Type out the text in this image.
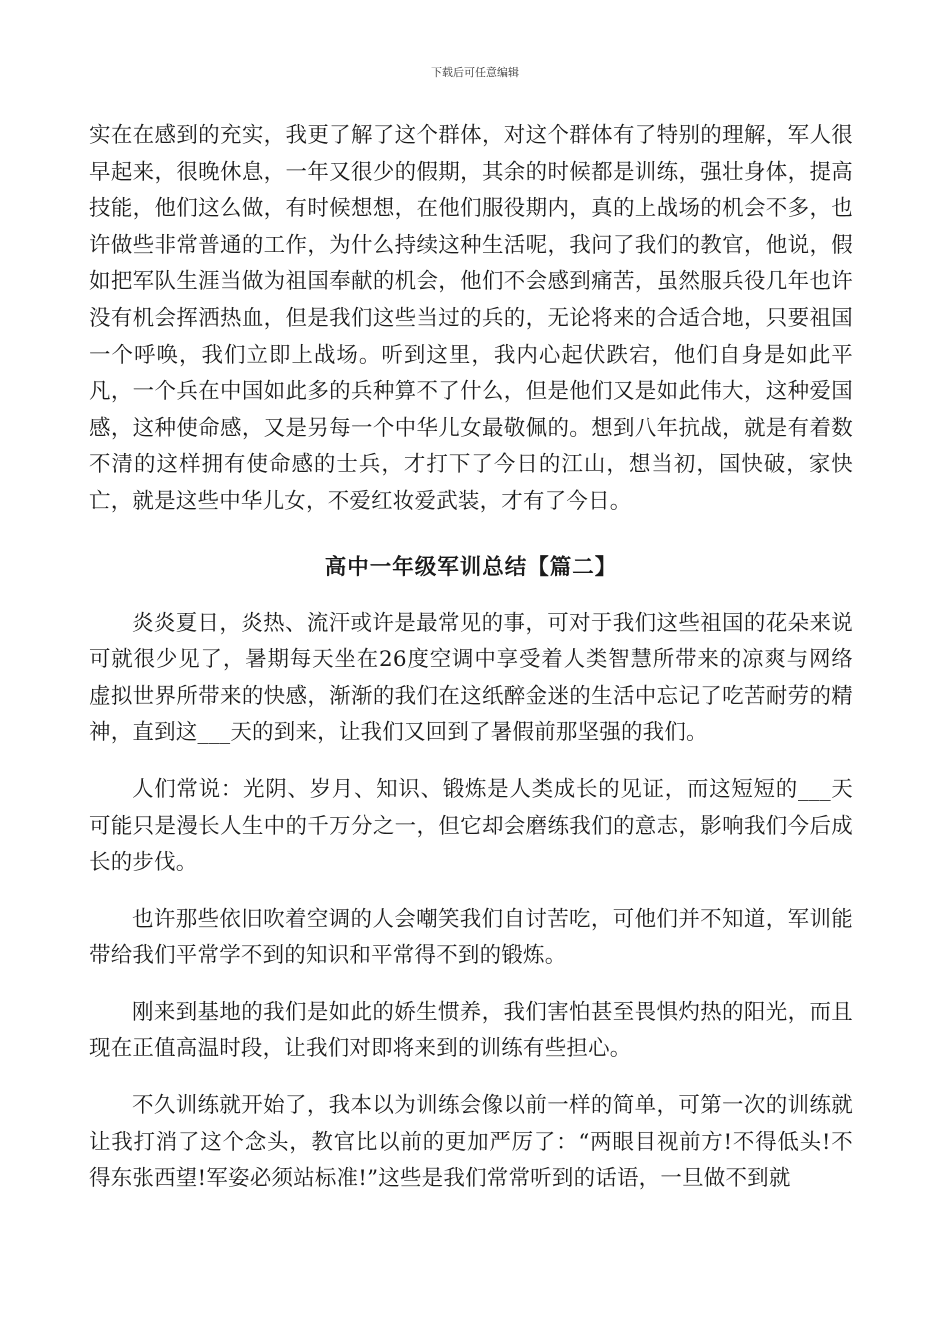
下载后可任意编辑

实在在感到的充实，我更了解了这个群体，对这个群体有了特别的理解，军人很早起来，很晚休息，一年又很少的假期，其余的时候都是训练，强壮身体，提高技能，他们这么做，有时候想想，在他们服役期内，真的上战场的机会不多，也许做些非常普通的工作，为什么持续这种生活呢，我问了我们的教官，他说，假如把军队生涯当做为祖国奉献的机会，他们不会感到痛苦，虽然服兵役几年也许没有机会挥洒热血，但是我们这些当过的兵的，无论将来的合适合地，只要祖国一个呼唤，我们立即上战场。听到这里，我内心起伏跌宕，他们自身是如此平凡，一个兵在中国如此多的兵种算不了什么，但是他们又是如此伟大，这种爱国感，这种使命感，又是另每一个中华儿女最敬佩的。想到八年抗战，就是有着数不清的这样拥有使命感的士兵，才打下了今日的江山，想当初，国快破，家快亡，就是这些中华儿女，不爱红妆爱武装，才有了今日。

高中一年级军训总结【篇二】

炎炎夏日，炎热、流汗或许是最常见的事，可对于我们这些祖国的花朵来说可就很少见了，暑期每天坐在26度空调中享受着人类智慧所带来的凉爽与网络虚拟世界所带来的快感，渐渐的我们在这纸醉金迷的生活中忘记了吃苦耐劳的精神，直到这___天的到来，让我们又回到了暑假前那坚强的我们。

人们常说：光阴、岁月、知识、锻炼是人类成长的见证，而这短短的___天可能只是漫长人生中的千万分之一，但它却会磨练我们的意志，影响我们今后成长的步伐。

也许那些依旧吹着空调的人会嘲笑我们自讨苦吃，可他们并不知道，军训能带给我们平常学不到的知识和平常得不到的锻炼。

刚来到基地的我们是如此的娇生惯养，我们害怕甚至畏惧灼热的阳光，而且现在正值高温时段，让我们对即将来到的训练有些担心。

不久训练就开始了，我本以为训练会像以前一样的简单，可第一次的训练就让我打消了这个念头，教官比以前的更加严厉了：“两眼目视前方!不得低头!不得东张西望!军姿必须站标准!”这些是我们常常听到的话语，一旦做不到就
